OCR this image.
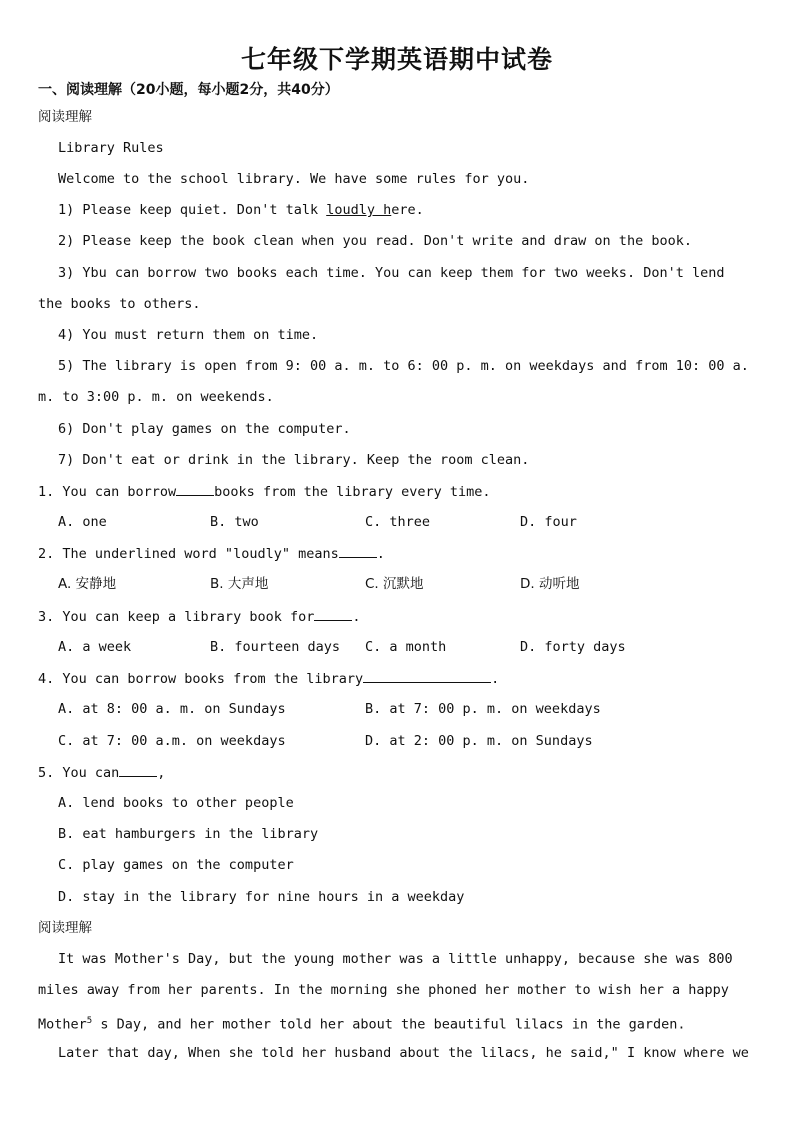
七年级下学期英语期中试卷
一、阅读理解（20小题，每小题2分，共40分）
阅读理解
Library Rules
Welcome to the school library. We have some rules for you.
1) Please keep quiet. Don't talk loudly here.
2) Please keep the book clean when you read. Don't write and draw on the book.
3) Ybu can borrow two books each time. You can keep them for two weeks. Don't lend
the books to others.
4) You must return them on time.
5) The library is open from 9: 00 a. m. to 6: 00 p. m. on weekdays and from 10: 00 a.
m. to 3:00 p. m. on weekends.
6) Don't play games on the computer.
7) Don't eat or drink in the library. Keep the room clean.
1. You can borrow	books from the library every time.
A. one	B. two	C. three	D. four
2. The underlined word "loudly" means	.
A. 安静地	B. 大声地	C. 沉默地	D. 动听地
3. You can keep a library book for	.
A. a week	B. fourteen days C. a month	D. forty days
4. You can borrow books from the library	.
A. at 8: 00 a. m. on Sundays	B. at 7: 00 p. m. on weekdays
C. at 7: 00 a.m. on weekdays	D. at 2: 00 p. m. on Sundays
5. You can	,
A. lend books to other people
B. eat hamburgers in the library
C. play games on the computer
D. stay in the library for nine hours in a weekday
阅读理解
It was Mother's Day, but the young mother was a little unhappy, because she was 800
miles away from her parents. In the morning she phoned her mother to wish her a happy
Mother$^5$ s Day, and her mother told her about the beautiful lilacs in the garden.
Later that day, When she told her husband about the lilacs, he said," I know where we
